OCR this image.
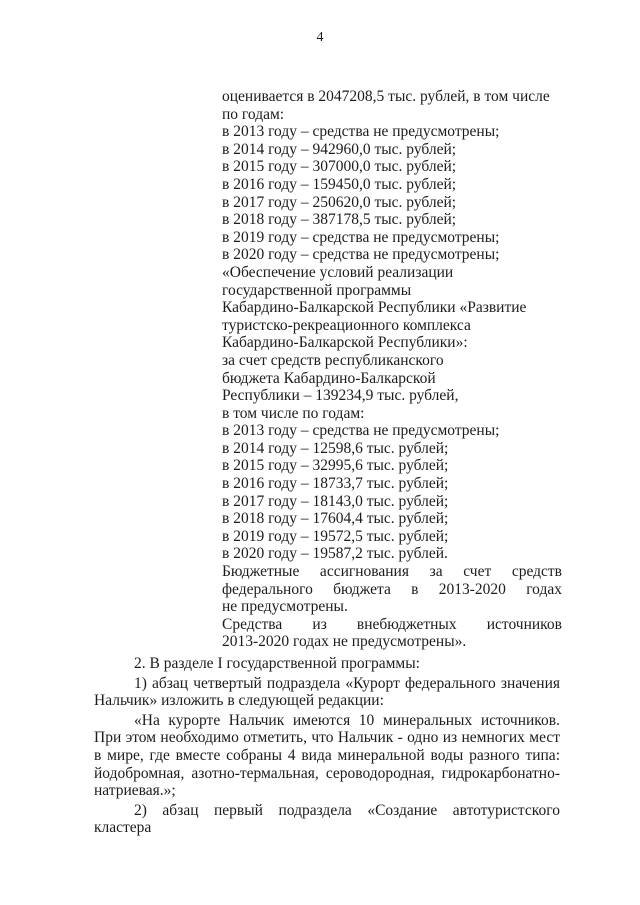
4
оценивается в 2047208,5 тыс. рублей, в том числе
по годам:
в 2013 году – средства не предусмотрены;
в 2014 году – 942960,0 тыс. рублей;
в 2015 году – 307000,0 тыс. рублей;
в 2016 году – 159450,0 тыс. рублей;
в 2017 году – 250620,0 тыс. рублей;
в 2018 году – 387178,5 тыс. рублей;
в 2019 году – средства не предусмотрены;
в 2020 году – средства не предусмотрены;
«Обеспечение условий реализации
государственной программы
Кабардино-Балкарской Республики «Развитие
туристско-рекреационного комплекса
Кабардино-Балкарской Республики»:
за счет средств республиканского
бюджета Кабардино-Балкарской
Республики – 139234,9 тыс. рублей,
в том числе по годам:
в 2013 году – средства не предусмотрены;
в 2014 году – 12598,6 тыс. рублей;
в 2015 году – 32995,6 тыс. рублей;
в 2016 году – 18733,7 тыс. рублей;
в 2017 году – 18143,0 тыс. рублей;
в 2018 году – 17604,4 тыс. рублей;
в 2019 году – 19572,5 тыс. рублей;
в 2020 году – 19587,2 тыс. рублей.
Бюджетные ассигнования за счет средств
федерального бюджета в 2013-2020 годах
не предусмотрены.
Средства из внебюджетных источников
2013-2020 годах не предусмотрены».
2. В разделе I государственной программы:
1) абзац четвертый подраздела «Курорт федерального значения
Нальчик» изложить в следующей редакции:
«На курорте Нальчик имеются 10 минеральных источников. При этом необходимо отметить, что Нальчик - одно из немногих мест в мире, где вместе собраны 4 вида минеральной воды разного типа: йодобромная, азотно-термальная, сероводородная, гидрокарбонатно-натриевая.»;
2) абзац первый подраздела «Создание автотуристского кластера
